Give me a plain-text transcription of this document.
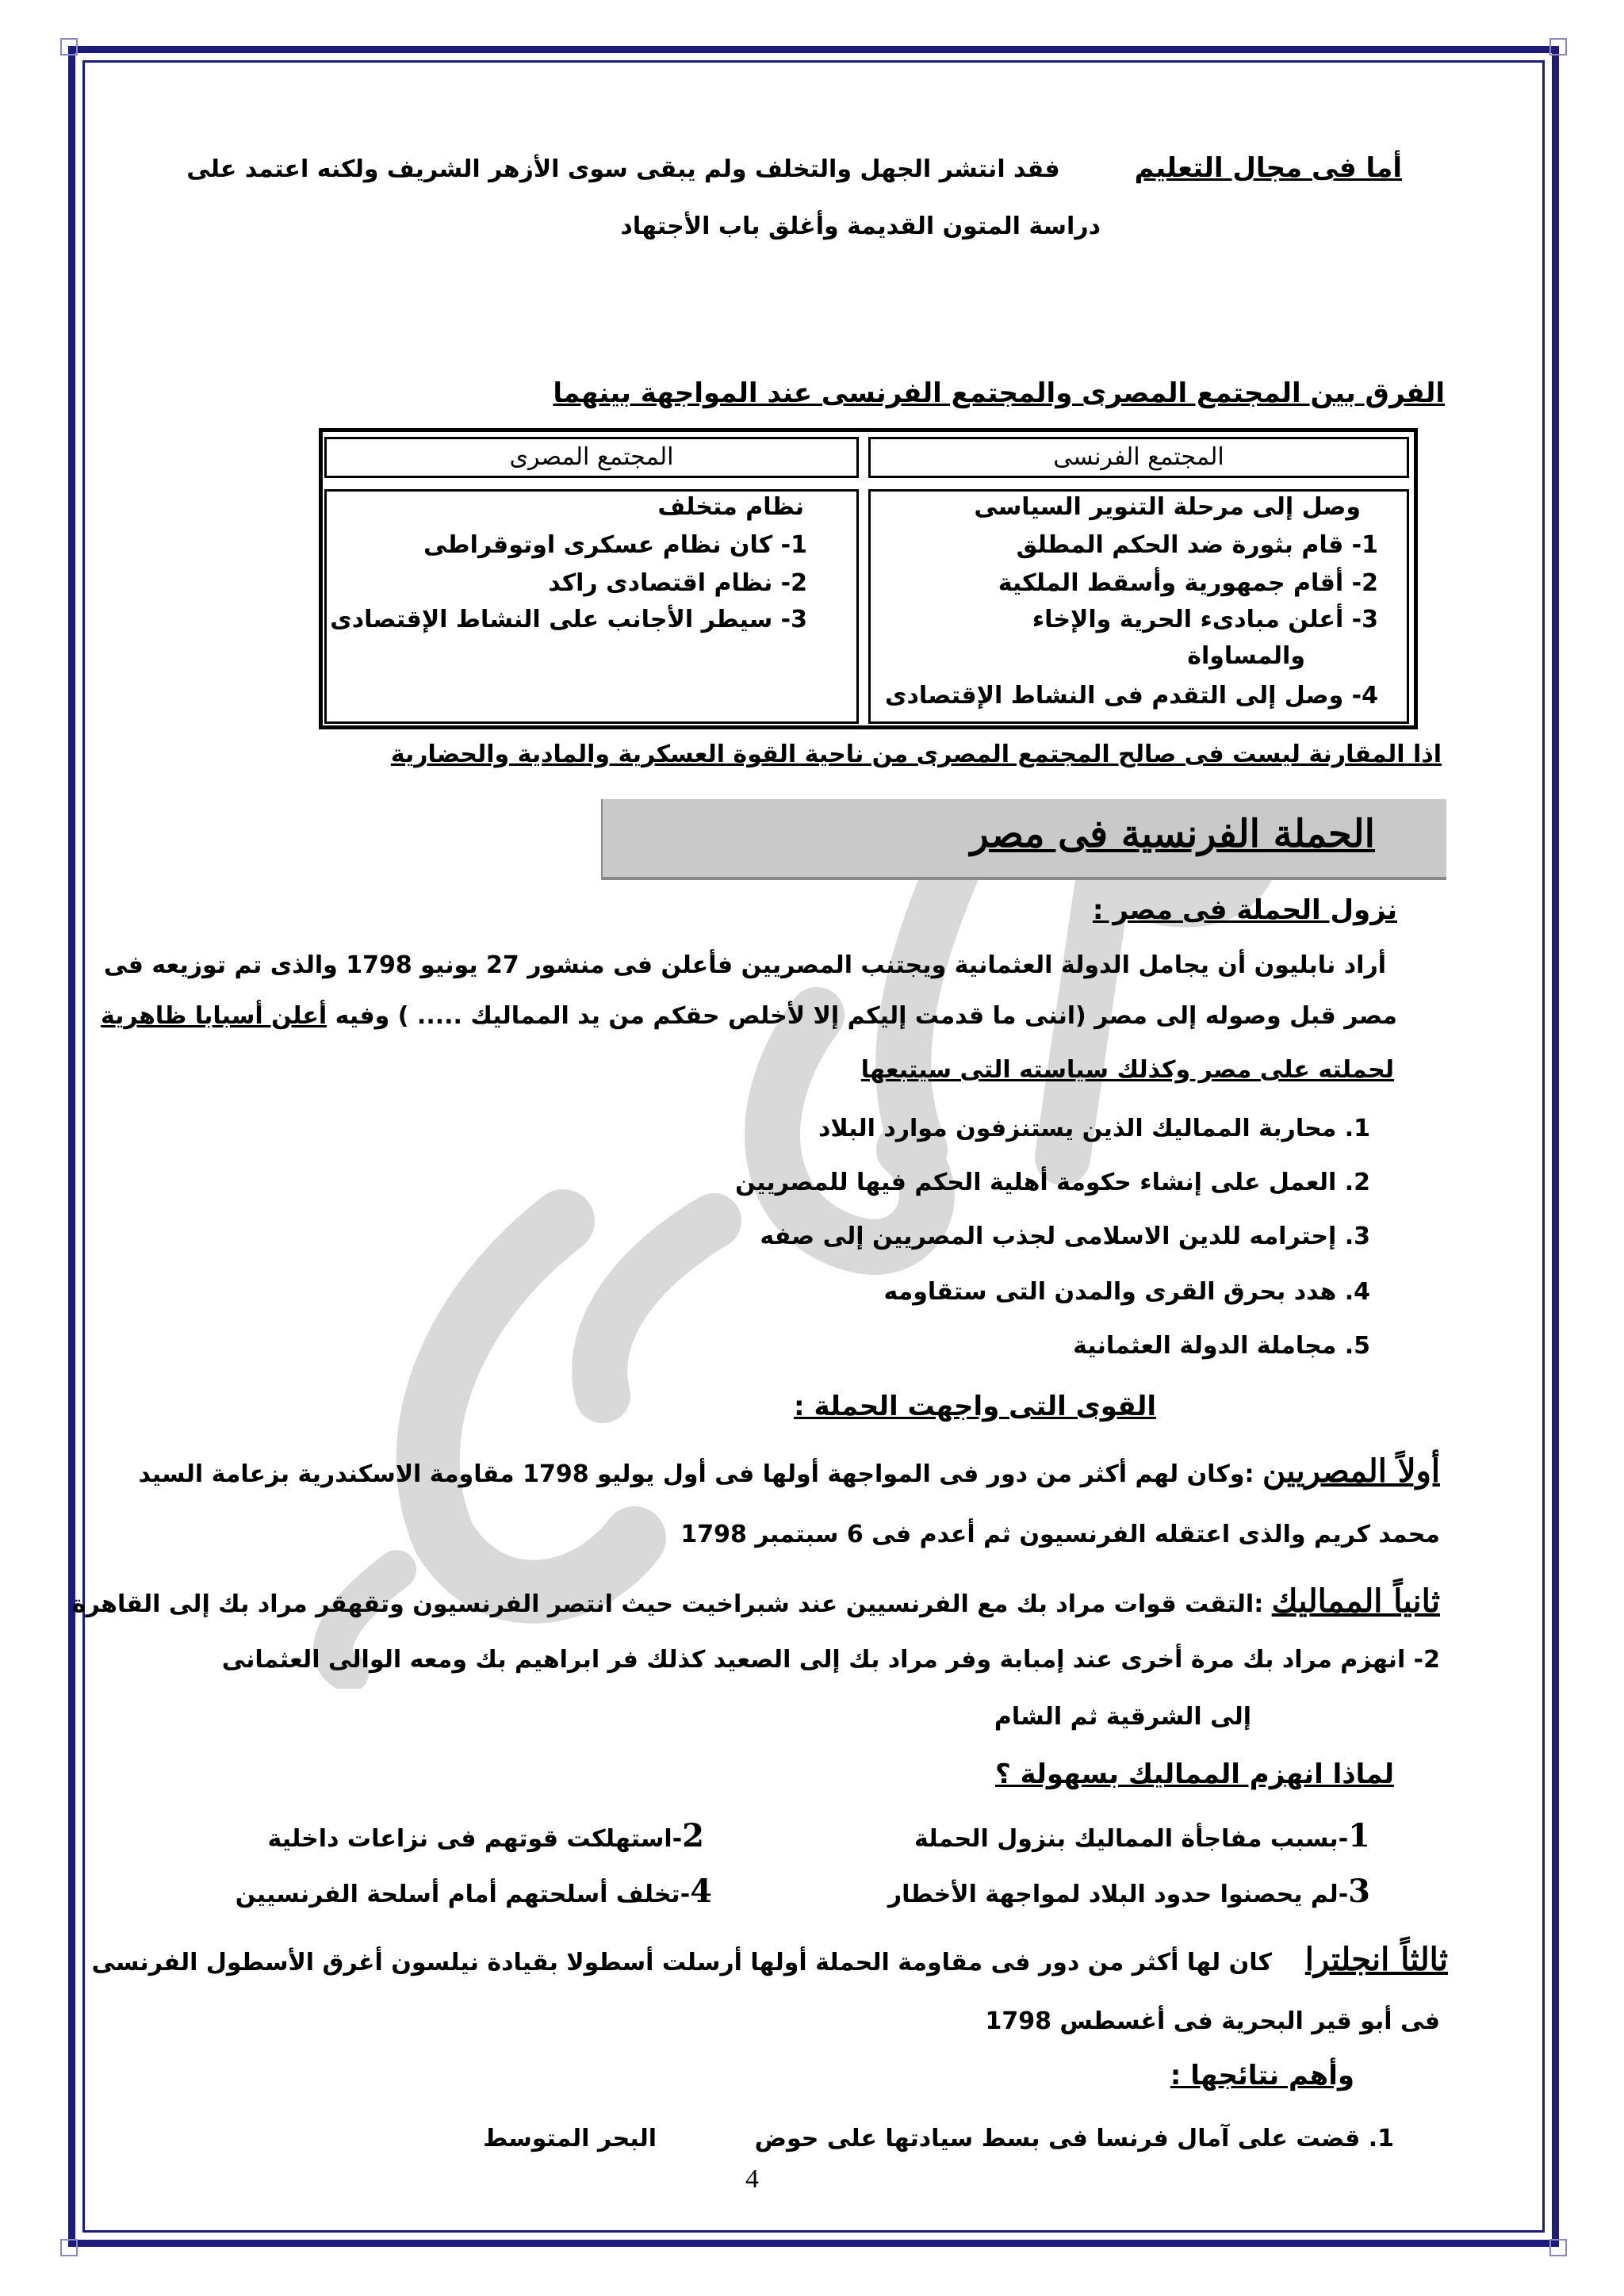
أما فى مجال التعليم         فقد انتشر الجهل والتخلف ولم يبقى سوى الأزهر الشريف ولكنه اعتمد على
دراسة المتون القديمة وأغلق باب الأجتهاد
الفرق بين المجتمع المصرى والمجتمع الفرنسى عند المواجهة بينهما
المجتمع الفرنسى
المجتمع المصرى
وصل إلى مرحلة التنوير السياسى
1- قام بثورة ضد الحكم المطلق
2- أقام جمهورية وأسقط الملكية
3- أعلن مبادىء الحرية والإخاء
والمساواة
4- وصل إلى التقدم فى النشاط الإقتصادى
نظام متخلف
1- كان نظام عسكرى اوتوقراطى
2- نظام اقتصادى راكد
3- سيطر الأجانب على النشاط الإقتصادى
اذا المقارنة ليست فى صالح المجتمع المصرى من ناحية القوة العسكرية والمادية والحضارية
الحملة الفرنسية فى مصر
نزول الحملة فى مصر :
أراد نابليون أن يجامل الدولة العثمانية ويجتنب المصريين فأعلن فى منشور 27 يونيو 1798 والذى تم توزيعه فى
مصر قبل وصوله إلى مصر (اننى ما قدمت إليكم إلا لأخلص حقكم من يد المماليك ..... ) وفيه أعلن أسبابا ظاهرية
لحملته على مصر وكذلك سياسته التى سيتبعها
1. محاربة المماليك الذين يستنزفون موارد البلاد
2. العمل على إنشاء حكومة أهلية الحكم فيها للمصريين
3. إحترامه للدين الاسلامى لجذب المصريين إلى صفه
4. هدد بحرق القرى والمدن التى ستقاومه
5. مجاملة الدولة العثمانية
القوى التى واجهت الحملة :
أولاً المصريين :وكان لهم أكثر من دور فى المواجهة أولها فى أول يوليو 1798 مقاومة الاسكندرية بزعامة السيد
محمد كريم والذى اعتقله الفرنسيون ثم أعدم فى 6 سبتمبر 1798
ثانياً المماليك :التقت قوات مراد بك مع الفرنسيين عند شبراخيت حيث انتصر الفرنسيون وتقهقر مراد بك إلى القاهرة
2- انهزم مراد بك مرة أخرى عند إمبابة وفر مراد بك إلى الصعيد كذلك فر ابراهيم بك ومعه الوالى العثمانى
إلى الشرقية ثم الشام
لماذا انهزم المماليك بسهولة ؟
1-بسبب مفاجأة المماليك بنزول الحملة
2-استهلكت قوتهم فى نزاعات داخلية
3-لم يحصنوا حدود البلاد لمواجهة الأخطار
4-تخلف أسلحتهم أمام أسلحة الفرنسيين
ثالثاً انجلترا    كان لها أكثر من دور فى مقاومة الحملة أولها أرسلت أسطولا بقيادة نيلسون أغرق الأسطول الفرنسى
فى أبو قير البحرية فى أغسطس 1798
وأهم نتائجها :
1. قضت على آمال فرنسا فى بسط سيادتها على حوض
البحر المتوسط
4
